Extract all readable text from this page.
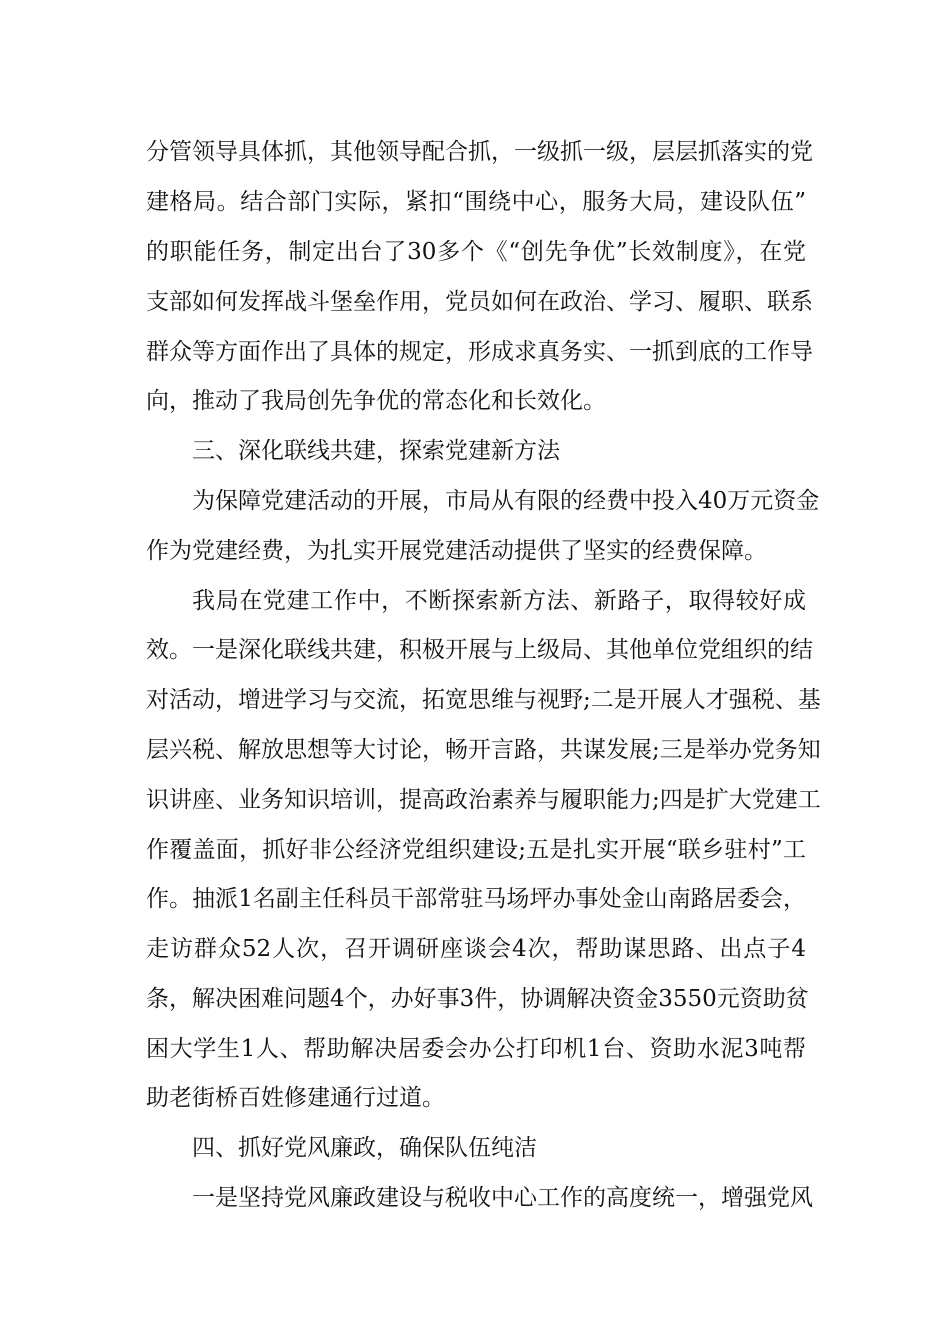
分管领导具体抓，其他领导配合抓，一级抓一级，层层抓落实的党
建格局。结合部门实际，紧扣“围绕中心，服务大局，建设队伍”
的职能任务，制定出台了30多个《“创先争优”长效制度》，在党
支部如何发挥战斗堡垒作用，党员如何在政治、学习、履职、联系
群众等方面作出了具体的规定，形成求真务实、一抓到底的工作导
向，推动了我局创先争优的常态化和长效化。
三、深化联线共建，探索党建新方法
为保障党建活动的开展，市局从有限的经费中投入40万元资金
作为党建经费，为扎实开展党建活动提供了坚实的经费保障。
我局在党建工作中，不断探索新方法、新路子，取得较好成
效。一是深化联线共建，积极开展与上级局、其他单位党组织的结
对活动，增进学习与交流，拓宽思维与视野;二是开展人才强税、基
层兴税、解放思想等大讨论，畅开言路，共谋发展;三是举办党务知
识讲座、业务知识培训，提高政治素养与履职能力;四是扩大党建工
作覆盖面，抓好非公经济党组织建设;五是扎实开展“联乡驻村”工
作。抽派1名副主任科员干部常驻马场坪办事处金山南路居委会，
走访群众52人次，召开调研座谈会4次，帮助谋思路、出点子4
条，解决困难问题4个，办好事3件，协调解决资金3550元资助贫
困大学生1人、帮助解决居委会办公打印机1台、资助水泥3吨帮
助老街桥百姓修建通行过道。
四、抓好党风廉政，确保队伍纯洁
一是坚持党风廉政建设与税收中心工作的高度统一，增强党风
